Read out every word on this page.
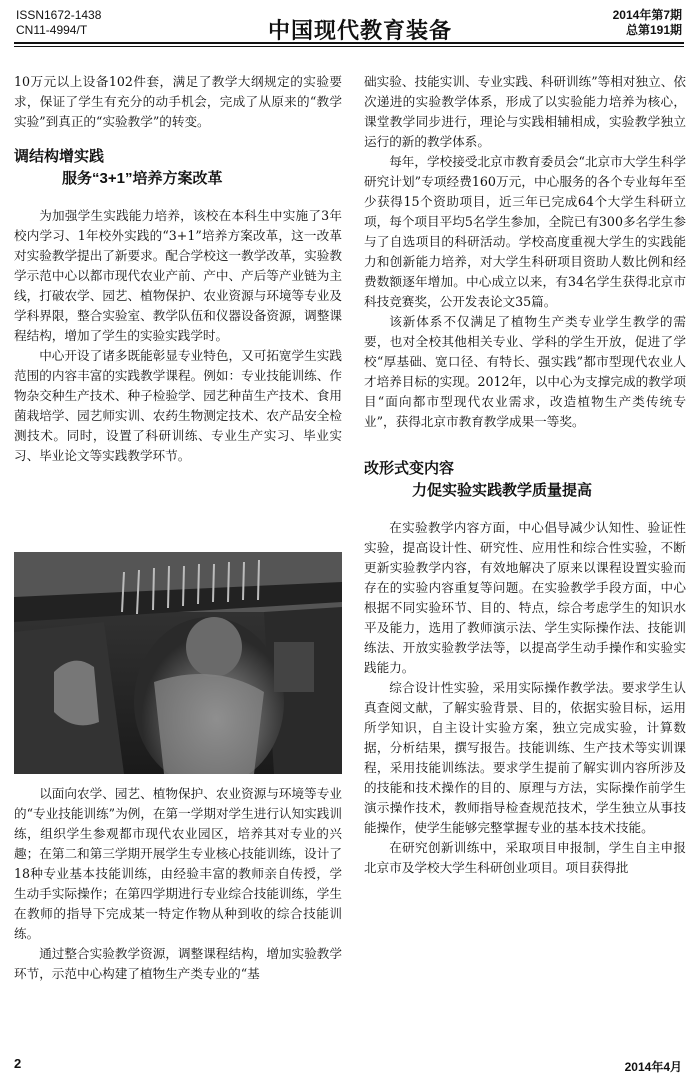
ISSN1672-1438
CN11-4994/T	中国现代教育装备
2014年第7期
总第191期

10万元以上设备102件套，满足了教学大纲规定的实验要求，保证了学生有充分的动手机会，完成了从原来的“教学实验”到真正的“实验教学”的转变。

调结构增实践
服务“3+1”培养方案改革

为加强学生实践能力培养，该校在本科生中实施了3年校内学习、1年校外实践的“3+1”培养方案改革，这一改革对实验教学提出了新要求。配合学校这一教学改革，实验教学示范中心以都市现代农业产前、产中、产后等产业链为主线，打破农学、园艺、植物保护、农业资源与环境等专业及学科界限，整合实验室、教学队伍和仪器设备资源，调整课程结构，增加了学生的实验实践学时。

中心开设了诸多既能彰显专业特色，又可拓宽学生实践范围的内容丰富的实践教学课程。例如：专业技能训练、作物杂交种生产技术、种子检验学、园艺种苗生产技术、食用菌栽培学、园艺师实训、农药生物测定技术、农产品安全检测技术。同时，设置了科研训练、专业生产实习、毕业实习、毕业论文等实践教学环节。

以面向农学、园艺、植物保护、农业资源与环境等专业的“专业技能训练”为例，在第一学期对学生进行认知实践训练，组织学生参观都市现代农业园区，培养其对专业的兴趣；在第二和第三学期开展学生专业核心技能训练，设计了18种专业基本技能训练，由经验丰富的教师亲自传授，学生动手实际操作；在第四学期进行专业综合技能训练，学生在教师的指导下完成某一特定作物从种到收的综合技能训练。

通过整合实验教学资源，调整课程结构，增加实验教学环节，示范中心构建了植物生产类专业的“基

础实验、技能实训、专业实践、科研训练”等相对独立、依次递进的实验教学体系，形成了以实验能力培养为核心，课堂教学同步进行，理论与实践相辅相成，实验教学独立运行的新的教学体系。

每年，学校接受北京市教育委员会“北京市大学生科学研究计划”专项经费160万元，中心服务的各个专业每年至少获得15个资助项目，近三年已完成64个大学生科研立项，每个项目平均5名学生参加，全院已有300多名学生参与了自选项目的科研活动。学校高度重视大学生的实践能力和创新能力培养，对大学生科研项目资助人数比例和经费数额逐年增加。中心成立以来，有34名学生获得北京市科技竞赛奖，公开发表论文35篇。

该新体系不仅满足了植物生产类专业学生教学的需要，也对全校其他相关专业、学科的学生开放，促进了学校“厚基础、宽口径、有特长、强实践”都市型现代农业人才培养目标的实现。2012年，以中心为支撑完成的教学项目“面向都市型现代农业需求，改造植物生产类传统专业”，获得北京市教育教学成果一等奖。

改形式变内容
力促实验实践教学质量提高

在实验教学内容方面，中心倡导减少认知性、验证性实验，提高设计性、研究性、应用性和综合性实验，不断更新实验教学内容，有效地解决了原来以课程设置实验而存在的实验内容重复等问题。在实验教学手段方面，中心根据不同实验环节、目的、特点，综合考虑学生的知识水平及能力，选用了教师演示法、学生实际操作法、技能训练法、开放实验教学法等，以提高学生动手操作和实验实践能力。

综合设计性实验，采用实际操作教学法。要求学生认真查阅文献，了解实验背景、目的，依据实验目标，运用所学知识，自主设计实验方案，独立完成实验，计算数据，分析结果，撰写报告。技能训练、生产技术等实训课程，采用技能训练法。要求学生提前了解实训内容所涉及的技能和技术操作的目的、原理与方法，实际操作前学生演示操作技术，教师指导检查规范技术，学生独立从事技能操作，使学生能够完整掌握专业的基本技术技能。

在研究创新训练中，采取项目申报制，学生自主申报北京市及学校大学生科研创业项目。项目获得批

2	2014年4月
